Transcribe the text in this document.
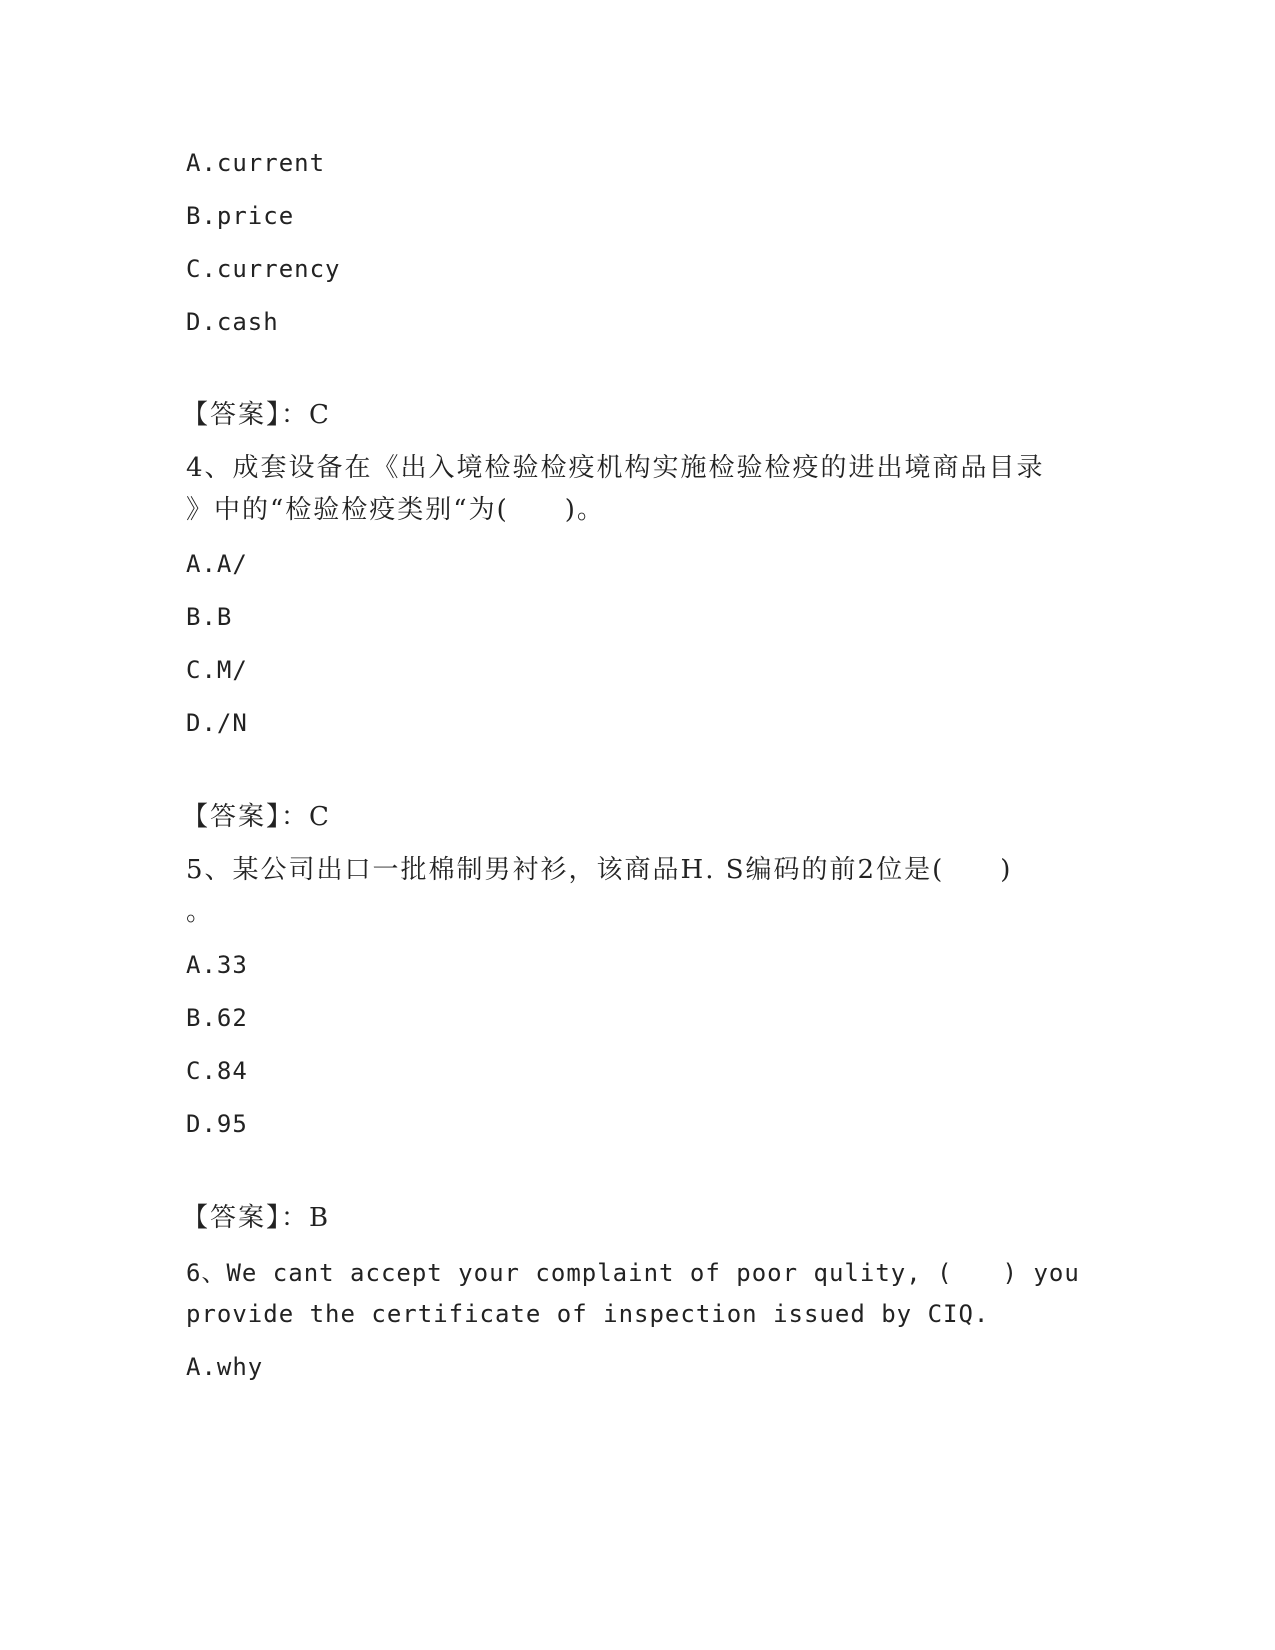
A.current
B.price
C.currency
D.cash
【答案】：C
4、成套设备在《出入境检验检疫机构实施检验检疫的进出境商品目录
》中的“检验检疫类别“为(　　)。
A.A/
B.B
C.M/
D./N
【答案】：C
5、某公司出口一批棉制男衬衫，该商品H. S编码的前2位是(　　)
。
A.33
B.62
C.84
D.95
【答案】：B
6、We cant accept your complaint of poor qulity, (　　) you
provide the certificate of inspection issued by CIQ.
A.why
